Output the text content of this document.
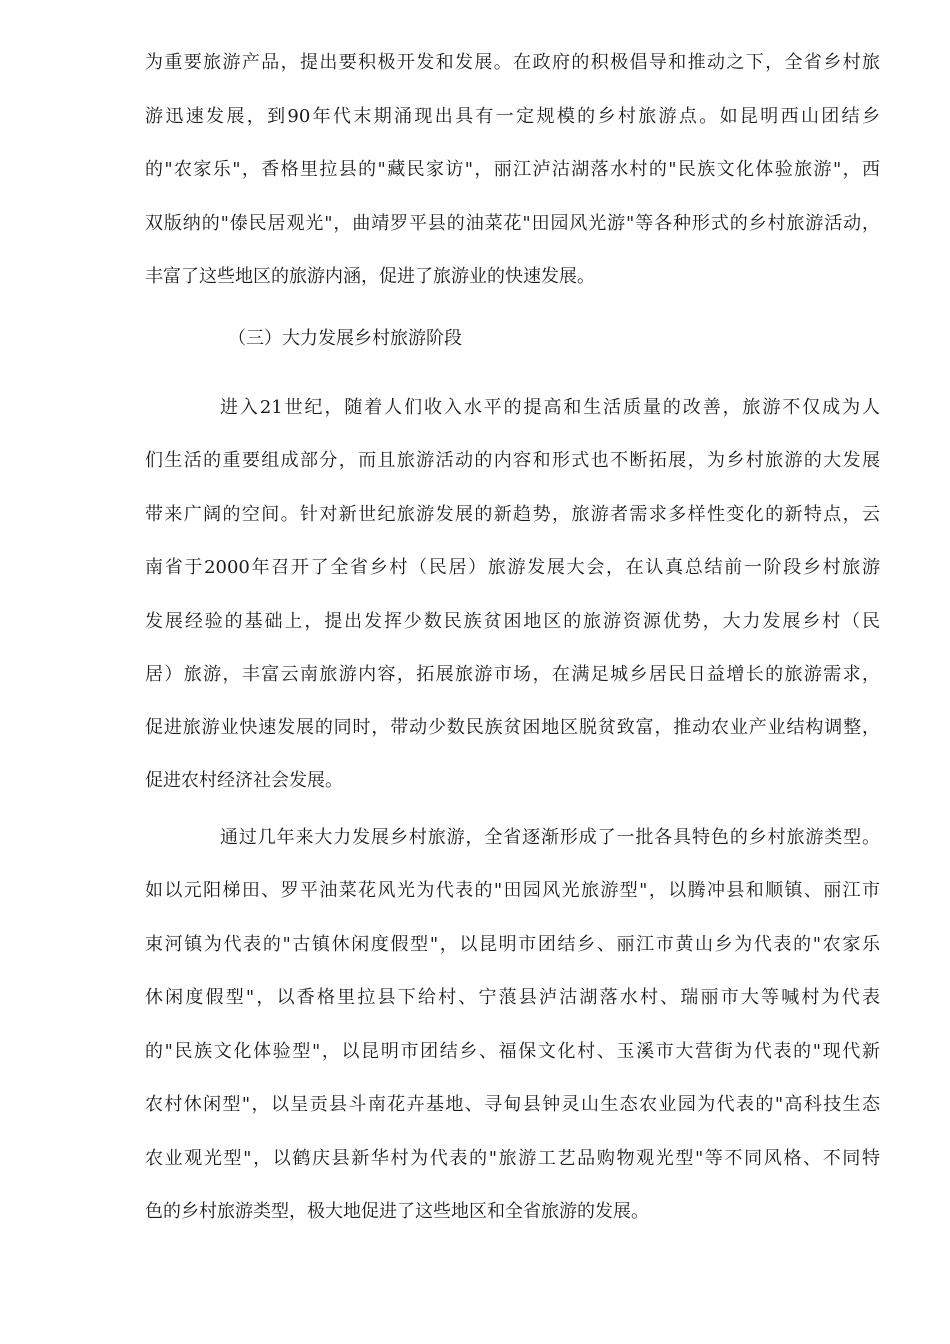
为重要旅游产品，提出要积极开发和发展。在政府的积极倡导和推动之下，全省乡村旅
游迅速发展，到90年代末期涌现出具有一定规模的乡村旅游点。如昆明西山团结乡
的"农家乐"，香格里拉县的"藏民家访"，丽江泸沽湖落水村的"民族文化体验旅游"，西
双版纳的"傣民居观光"，曲靖罗平县的油菜花"田园风光游"等各种形式的乡村旅游活动，
丰富了这些地区的旅游内涵，促进了旅游业的快速发展。
（三）大力发展乡村旅游阶段
进入21世纪，随着人们收入水平的提高和生活质量的改善，旅游不仅成为人
们生活的重要组成部分，而且旅游活动的内容和形式也不断拓展，为乡村旅游的大发展
带来广阔的空间。针对新世纪旅游发展的新趋势，旅游者需求多样性变化的新特点，云
南省于2000年召开了全省乡村（民居）旅游发展大会，在认真总结前一阶段乡村旅游
发展经验的基础上，提出发挥少数民族贫困地区的旅游资源优势，大力发展乡村（民
居）旅游，丰富云南旅游内容，拓展旅游市场，在满足城乡居民日益增长的旅游需求，
促进旅游业快速发展的同时，带动少数民族贫困地区脱贫致富，推动农业产业结构调整，
促进农村经济社会发展。
通过几年来大力发展乡村旅游，全省逐渐形成了一批各具特色的乡村旅游类型。
如以元阳梯田、罗平油菜花风光为代表的"田园风光旅游型"，以腾冲县和顺镇、丽江市
束河镇为代表的"古镇休闲度假型"，以昆明市团结乡、丽江市黄山乡为代表的"农家乐
休闲度假型"，以香格里拉县下给村、宁蒗县泸沽湖落水村、瑞丽市大等喊村为代表
的"民族文化体验型"，以昆明市团结乡、福保文化村、玉溪市大营街为代表的"现代新
农村休闲型"，以呈贡县斗南花卉基地、寻甸县钟灵山生态农业园为代表的"高科技生态
农业观光型"，以鹤庆县新华村为代表的"旅游工艺品购物观光型"等不同风格、不同特
色的乡村旅游类型，极大地促进了这些地区和全省旅游的发展。
